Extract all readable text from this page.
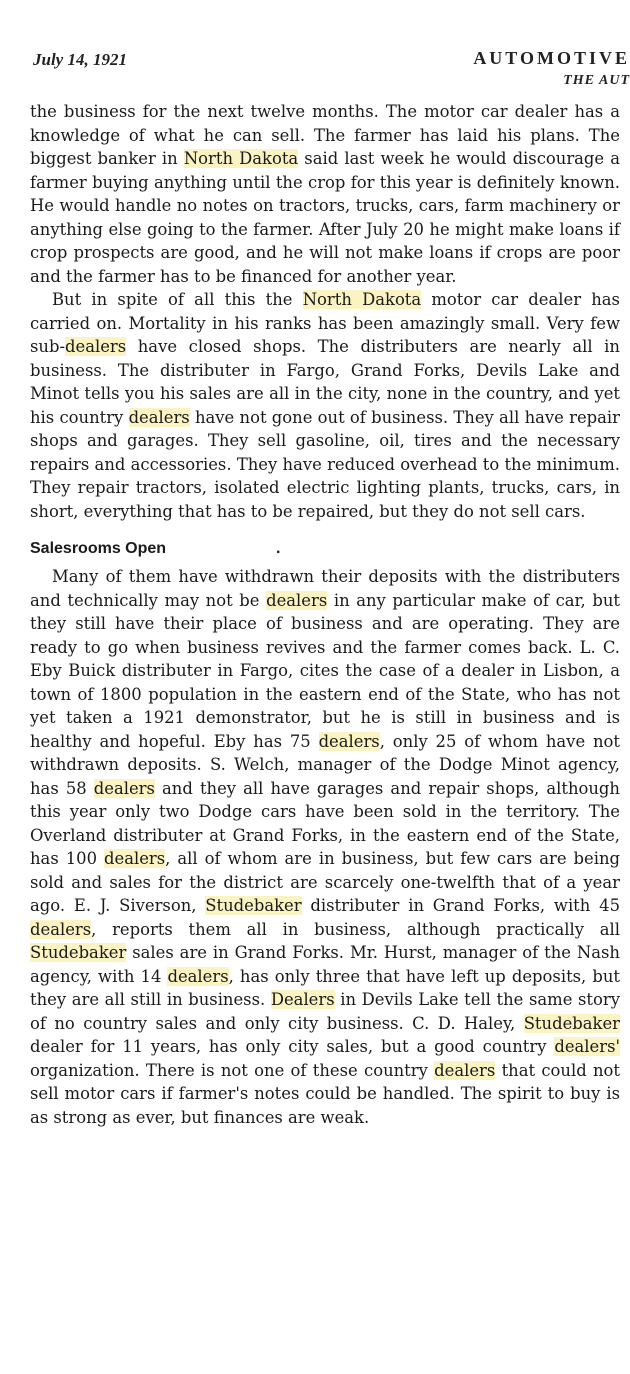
July 14, 1921	AUTOMOTIVE
THE AUT

the business for the next twelve months. The motor car dealer has a knowledge of what he can sell. The farmer has laid his plans. The biggest banker in North Dakota said last week he would discourage a farmer buying anything until the crop for this year is definitely known. He would handle no notes on tractors, trucks, cars, farm machinery or anything else going to the farmer. After July 20 he might make loans if crop prospects are good, and he will not make loans if crops are poor and the farmer has to be financed for another year.

But in spite of all this the North Dakota motor car dealer has carried on. Mortality in his ranks has been amazingly small. Very few sub-dealers have closed shops. The distributers are nearly all in business. The distributer in Fargo, Grand Forks, Devils Lake and Minot tells you his sales are all in the city, none in the country, and yet his country dealers have not gone out of business. They all have repair shops and garages. They sell gasoline, oil, tires and the necessary repairs and accessories. They have reduced overhead to the minimum. They repair tractors, isolated electric lighting plants, trucks, cars, in short, everything that has to be repaired, but they do not sell cars.

Salesrooms Open	.

Many of them have withdrawn their deposits with the distributers and technically may not be dealers in any particular make of car, but they still have their place of business and are operating. They are ready to go when business revives and the farmer comes back. L. C. Eby Buick distributer in Fargo, cites the case of a dealer in Lisbon, a town of 1800 population in the eastern end of the State, who has not yet taken a 1921 demonstrator, but he is still in business and is healthy and hopeful. Eby has 75 dealers, only 25 of whom have not withdrawn deposits. S. Welch, manager of the Dodge Minot agency, has 58 dealers and they all have garages and repair shops, although this year only two Dodge cars have been sold in the territory. The Overland distributer at Grand Forks, in the eastern end of the State, has 100 dealers, all of whom are in business, but few cars are being sold and sales for the district are scarcely one-twelfth that of a year ago. E. J. Siverson, Studebaker distributer in Grand Forks, with 45 dealers, reports them all in business, although practically all Studebaker sales are in Grand Forks. Mr. Hurst, manager of the Nash agency, with 14 dealers, has only three that have left up deposits, but they are all still in business. Dealers in Devils Lake tell the same story of no country sales and only city business. C. D. Haley, Studebaker dealer for 11 years, has only city sales, but a good country dealers' organization. There is not one of these country dealers that could not sell motor cars if farmer's notes could be handled. The spirit to buy is as strong as ever, but finances are weak.
